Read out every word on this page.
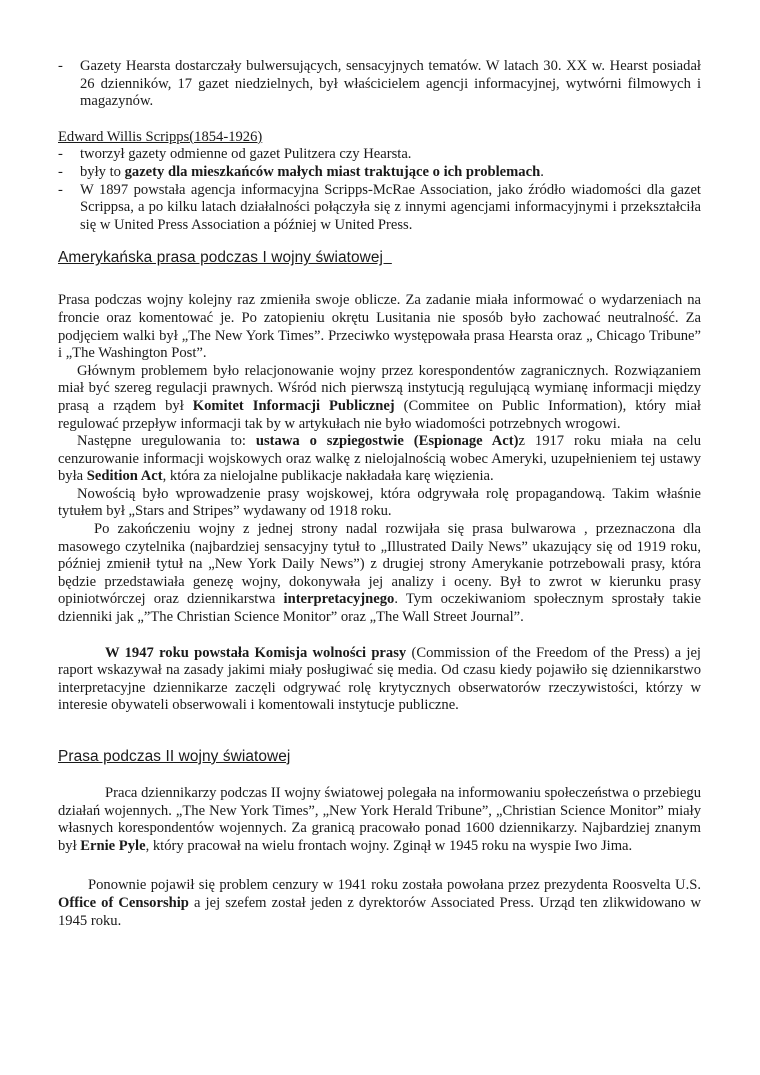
- Gazety Hearsta dostarczały bulwersujących, sensacyjnych tematów. W latach 30. XX w. Hearst posiadał 26 dzienników, 17 gazet niedzielnych, był właścicielem agencji informacyjnej, wytwórni filmowych i magazynów.
Edward Willis Scripps(1854-1926)
- tworzył gazety odmienne od gazet Pulitzera czy Hearsta.
- były to gazety dla mieszkańców małych miast traktujące o ich problemach.
- W 1897 powstała agencja informacyjna Scripps-McRae Association, jako źródło wiadomości dla gazet Scrippsa, a po kilku latach działalności połączyła się z innymi agencjami informacyjnymi i przekształciła się w United Press Association a później w United Press.
Amerykańska prasa podczas I wojny światowej

Prasa podczas wojny kolejny raz zmieniła swoje oblicze. Za zadanie miała informować o wydarzeniach na froncie oraz komentować je. Po zatopieniu okrętu Lusitania nie sposób było zachować neutralność. Za podjęciem walki był „The New York Times”. Przeciwko występowała prasa Hearsta oraz „ Chicago Tribune” i „The Washington Post”.

Głównym problemem było relacjonowanie wojny przez korespondentów zagranicznych. Rozwiązaniem miał być szereg regulacji prawnych. Wśród nich pierwszą instytucją regulującą wymianę informacji między prasą a rządem był Komitet Informacji Publicznej (Commitee on Public Information), który miał regulować przepływ informacji tak by w artykułach nie było wiadomości potrzebnych wrogowi.

Następne uregulowania to: ustawa o szpiegostwie (Espionage Act)z 1917 roku miała na celu cenzurowanie informacji wojskowych oraz walkę z nielojalnością wobec Ameryki, uzupełnieniem tej ustawy była Sedition Act, która za nielojalne publikacje nakładała karę więzienia.

Nowością było wprowadzenie prasy wojskowej, która odgrywała rolę propagandową. Takim właśnie tytułem był „Stars and Stripes” wydawany od 1918 roku.

Po zakończeniu wojny z jednej strony nadal rozwijała się prasa bulwarowa , przeznaczona dla masowego czytelnika (najbardziej sensacyjny tytuł to „Illustrated Daily News” ukazujący się od 1919 roku, później zmienił tytuł na „New York Daily News”) z drugiej strony Amerykanie potrzebowali prasy, która będzie przedstawiała genezę wojny, dokonywała jej analizy i oceny. Był to zwrot w kierunku prasy opiniotwórczej oraz dziennikarstwa interpretacyjnego. Tym oczekiwaniom społecznym sprostały takie dzienniki jak „”The Christian Science Monitor” oraz „The Wall Street Journal”.

W 1947 roku powstała Komisja wolności prasy (Commission of the Freedom of the Press) a jej raport wskazywał na zasady jakimi miały posługiwać się media. Od czasu kiedy pojawiło się dziennikarstwo interpretacyjne dziennikarze zaczęli odgrywać rolę krytycznych obserwatorów rzeczywistości, którzy w interesie obywateli obserwowali i komentowali instytucje publiczne.

Prasa podczas II wojny światowej

Praca dziennikarzy podczas II wojny światowej polegała na informowaniu społeczeństwa o przebiegu działań wojennych. „The New York Times”, „New York Herald Tribune”, „Christian Science Monitor” miały własnych korespondentów wojennych. Za granicą pracowało ponad 1600 dziennikarzy. Najbardziej znanym był Ernie Pyle, który pracował na wielu frontach wojny. Zginął w 1945 roku na wyspie Iwo Jima.

Ponownie pojawił się problem cenzury w 1941 roku została powołana przez prezydenta Roosvelta U.S. Office of Censorship a jej szefem został jeden z dyrektorów Associated Press. Urząd ten zlikwidowano w 1945 roku.
